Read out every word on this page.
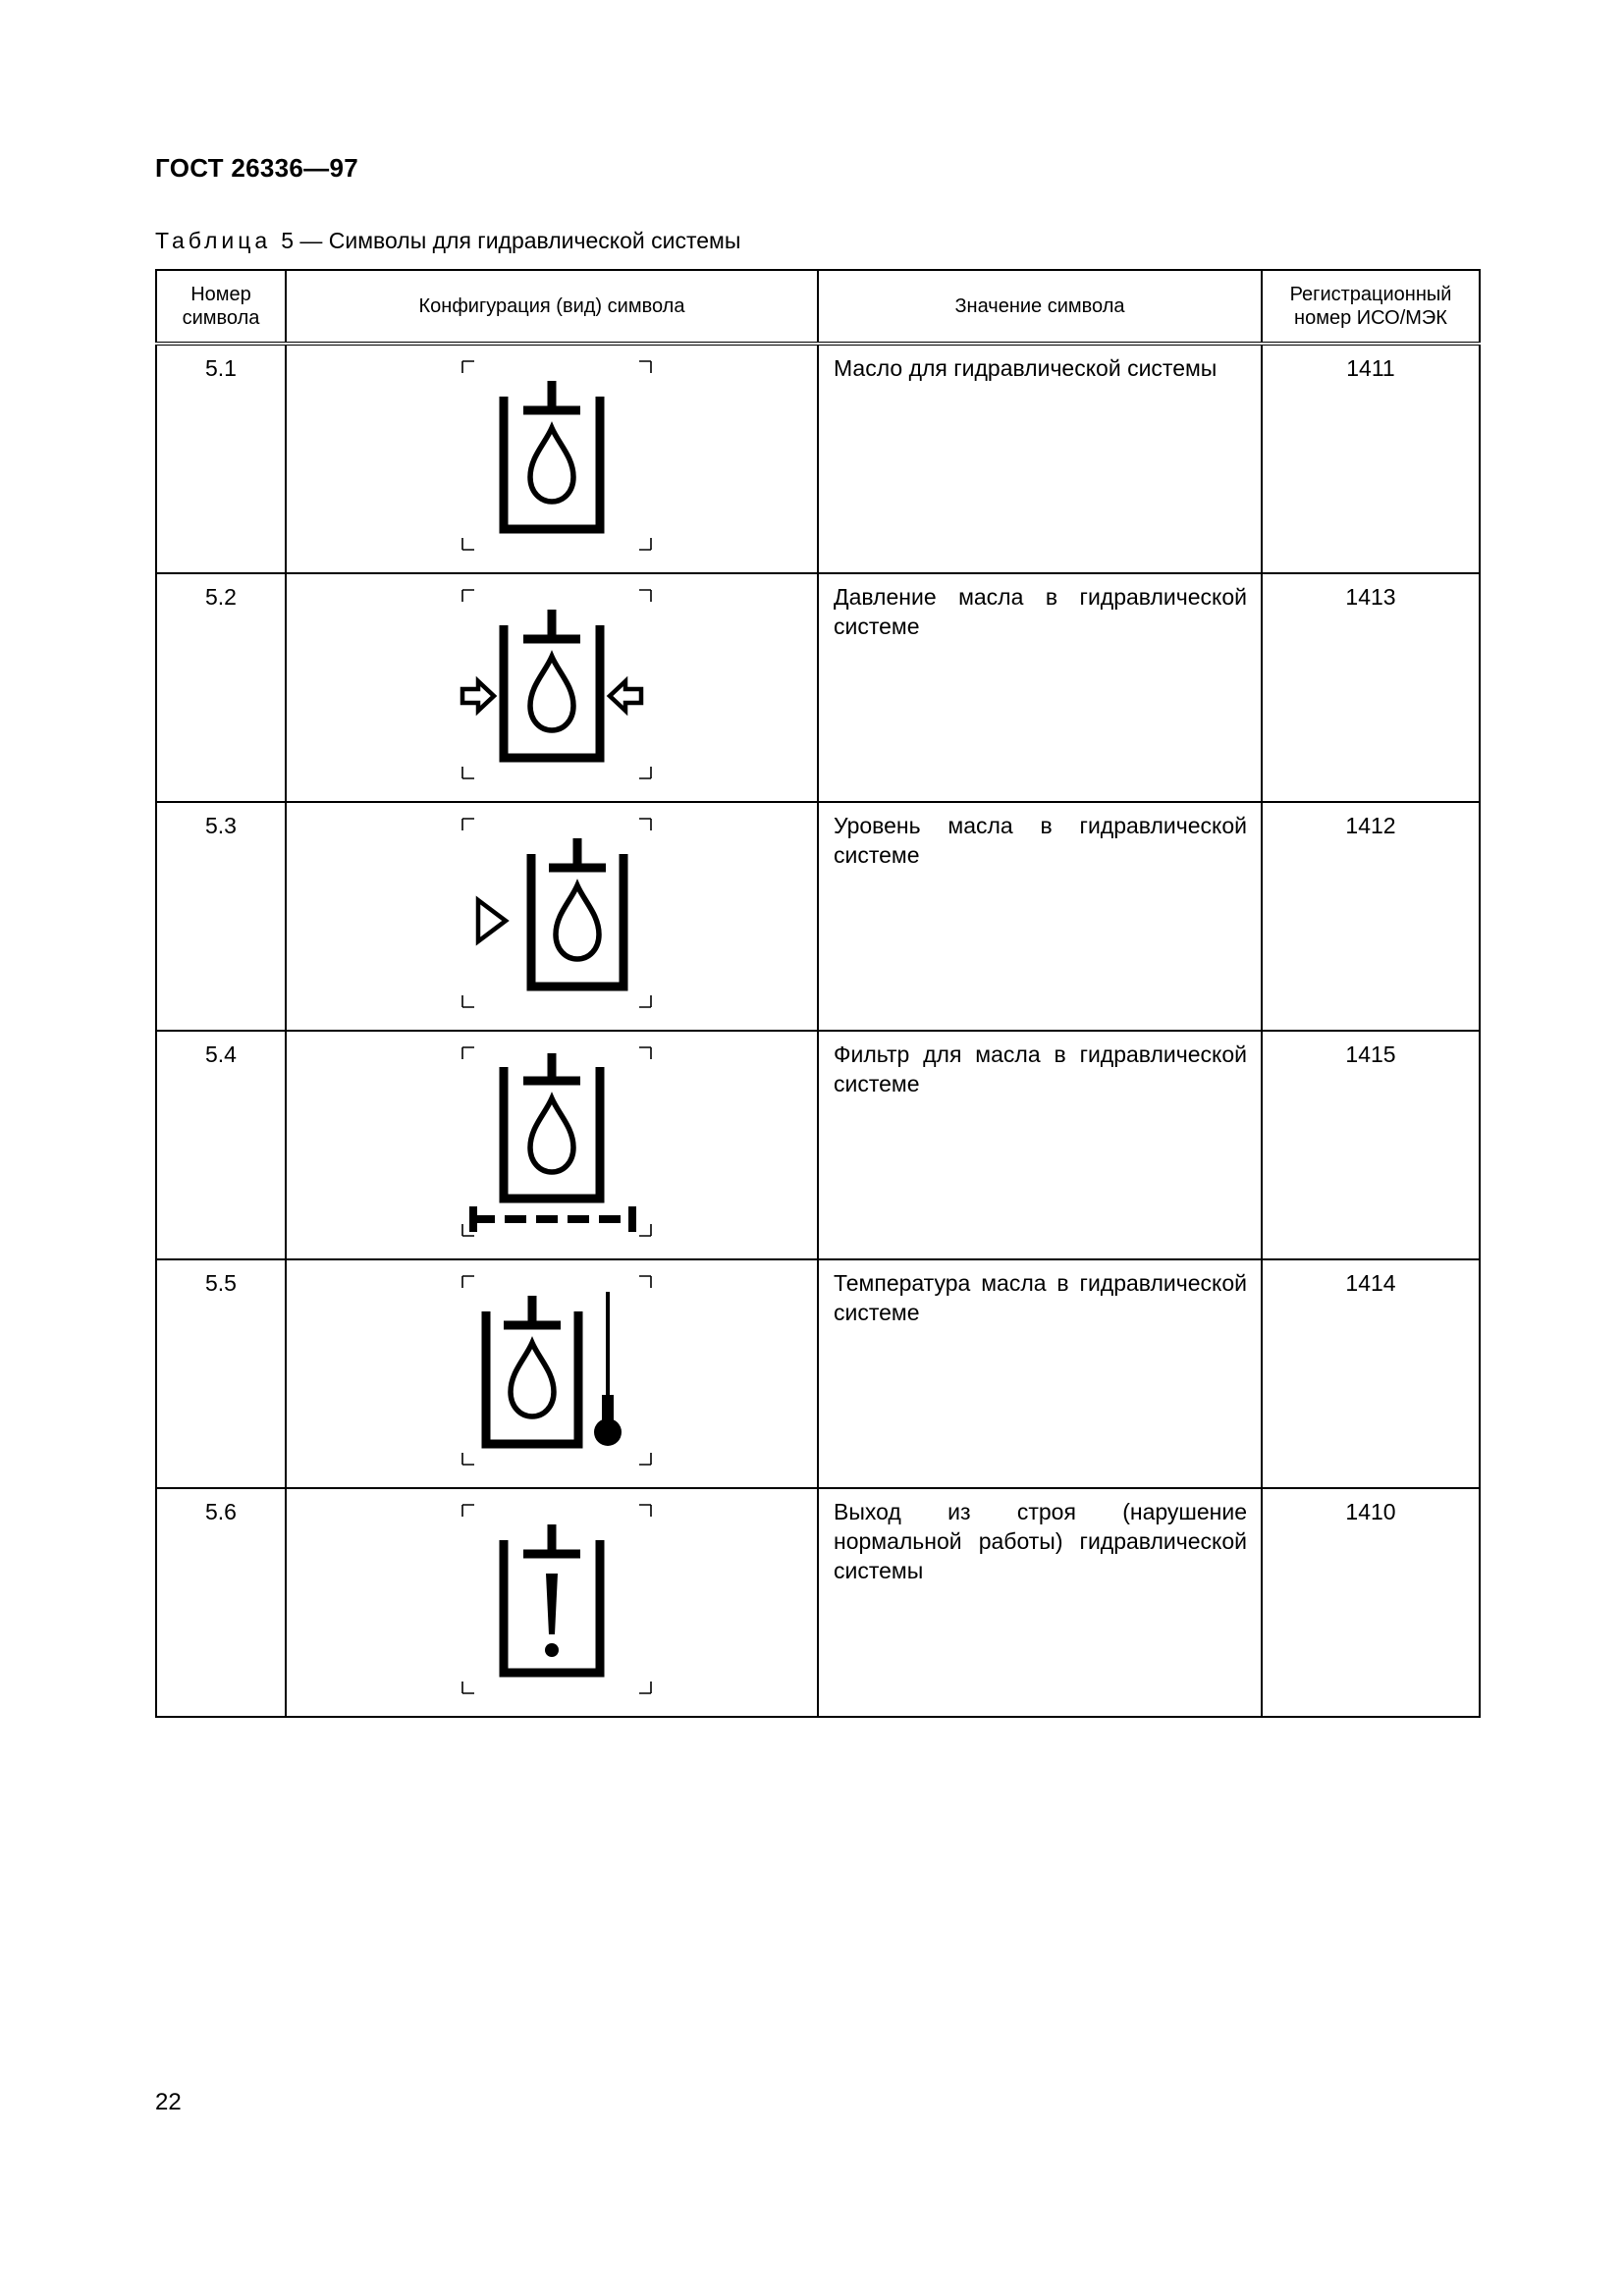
ГОСТ 26336—97
Таблица 5 — Символы для гидравлической системы
Номер символа	Конфигурация (вид) символа	Значение символа	Регистрационный номер ИСО/МЭК
5.1		Масло для гидравлической системы	1411
5.2		Давление масла в гидравлической системе	1413
5.3		Уровень масла в гидравлической системе	1412
5.4		Фильтр для масла в гидравлической системе	1415
5.5		Температура масла в гидравлической системе	1414
5.6		Выход из строя (нарушение нормальной работы) гидравлической системы	1410
22
